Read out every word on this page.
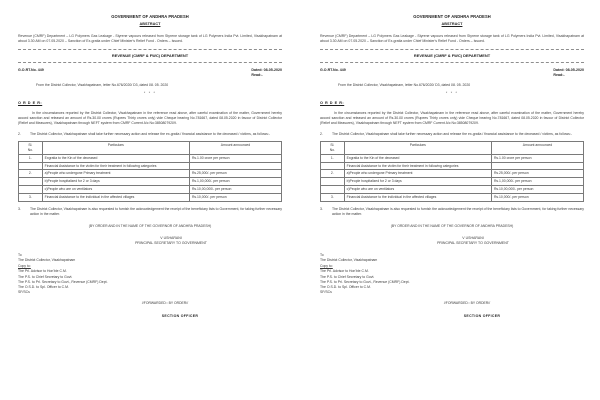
GOVERNMENT OF ANDHRA PRADESH
ABSTRACT
Revenue (CMRF) Department – LG Polymers Gas Leakage - Styrene vapours released from Styrene storage tank of LG Polymers India Pvt. Limited, Visakhapatnam at about 3.30 AM on 07.05.2020 – Sanction of Ex-gratia under Chief Minister's Relief Fund - Orders – Issued.
REVENUE (CMRF & FWC) DEPARTMENT
G.O.RT.No. 449	Dated: 08-05-2020
Read:-
From the District Collector, Visakhapatnam, letter No.676/2020/ D3, dated 08. 05. 2020
* * *
O R D E R:
In the circumstances reported by the District Collector, Visakhapatnam in the reference read above, after careful examination of the matter, Government hereby accord sanction and released an amount of Rs.30.00 crores (Rupees Thirty crores only) vide Cheque bearing No.781667, dated 08.05.2020 in favour of District Collector (Relief and Measures), Visakhapatnam through NEFT system from CMRF Current A/c No:38508079209.
2.	The District Collector, Visakhapatnam shall take further necessary action and release the ex-gratia / financial assistance to the deceased / victims, as follows:-
Sl.
No.	Particulars	Amount announced
1.	Exgratia to the Kin of the deceased	Rs.1.00 crore per person
	Financial Assistance to the victim for their treatment in following categories	
2.	a)People who undergone Primary treatment	Rs.25,000/- per person
	b)People hospitalized for 2 or 3 days	Rs.1,00,000/- per person
	c)People who are on ventilators	Rs.10,00,000/- per person
3.	Financial Assistance to the individual in the affected villages	Rs.10,000/- per person
3.	The District Collector, Visakhapatnam is also requested to furnish the acknowledgement the receipt of the beneficiary lists to Government, for taking further necessary action in the matter.
(BY ORDER AND IN THE NAME OF THE GOVERNOR OF ANDHRA PRADESH)
V USHARANI
PRINCIPAL SECRETARY TO GOVERNMENT
To
The District Collector, Visakhapatnam
Copy to:
The Prl. Advisor to Hon'ble C.M.
The P.S. to Chief Secretary to Govt.
The P.S. to Prl. Secretary to Govt., Revenue (CMRF) Dept.
The O.S.D. to Spl. Officer to C.M.
SF/SCs
//FORWARDED:: BY ORDER//
SECTION OFFICER
GOVERNMENT OF ANDHRA PRADESH
ABSTRACT
Revenue (CMRF) Department – LG Polymers Gas Leakage - Styrene vapours released from Styrene storage tank of LG Polymers India Pvt. Limited, Visakhapatnam at about 3.30 AM on 07.05.2020 – Sanction of Ex-gratia under Chief Minister's Relief Fund - Orders – Issued.
REVENUE (CMRF & FWC) DEPARTMENT
G.O.RT.No. 449	Dated: 08-05-2020
Read:-
From the District Collector, Visakhapatnam, letter No.676/2020/ D3, dated 08. 05. 2020
* * *
O R D E R:
In the circumstances reported by the District Collector, Visakhapatnam in the reference read above, after careful examination of the matter, Government hereby accord sanction and released an amount of Rs.30.00 crores (Rupees Thirty crores only) vide Cheque bearing No.781667, dated 08.05.2020 in favour of District Collector (Relief and Measures), Visakhapatnam through NEFT system from CMRF Current A/c No:38508079209.
2.	The District Collector, Visakhapatnam shall take further necessary action and release the ex-gratia / financial assistance to the deceased / victims, as follows:-
Sl.
No.	Particulars	Amount announced
1.	Exgratia to the Kin of the deceased	Rs.1.00 crore per person
	Financial Assistance to the victim for their treatment in following categories	
2.	a)People who undergone Primary treatment	Rs.25,000/- per person
	b)People hospitalized for 2 or 3 days	Rs.1,00,000/- per person
	c)People who are on ventilators	Rs.10,00,000/- per person
3.	Financial Assistance to the individual in the affected villages	Rs.10,000/- per person
3.	The District Collector, Visakhapatnam is also requested to furnish the acknowledgement the receipt of the beneficiary lists to Government, for taking further necessary action in the matter.
(BY ORDER AND IN THE NAME OF THE GOVERNOR OF ANDHRA PRADESH)
V USHARANI
PRINCIPAL SECRETARY TO GOVERNMENT
To
The District Collector, Visakhapatnam
Copy to:
The Prl. Advisor to Hon'ble C.M.
The P.S. to Chief Secretary to Govt.
The P.S. to Prl. Secretary to Govt., Revenue (CMRF) Dept.
The O.S.D. to Spl. Officer to C.M.
SF/SCs
//FORWARDED:: BY ORDER//
SECTION OFFICER
